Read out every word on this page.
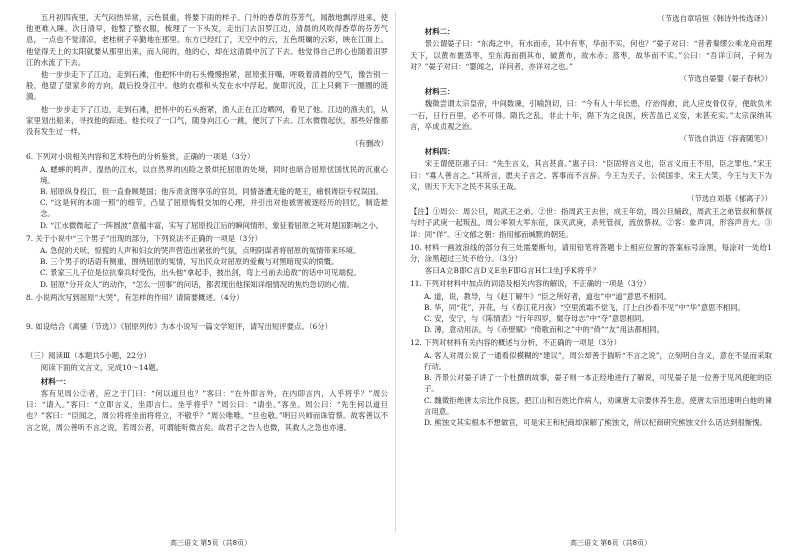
五月初四夜里，天气闷热异常，云色很重，将要下雨的样子。门外的香草的芬芳气，闻散地飘浮进来，使他更难入睡。次日清早，他整了整衣服，梳理了一下头发，走出门去汨罗江边，清晨的风吹得香草的芬芳气息，一点也不觉清凉，老桂树子辛勤地在那里。东方已经红了，天空中的云，五色斑斓的云彩，映在江面上。他觉得天上的太阳就要从那里出来，而人间的，他的心，却在这清晨中沉了下去。他觉得自己的心也随着汨罗江的水流了下去。

他一步步走下了江边，走到石滩，他把怀中的石头慢慢抱紧，屈原张开嘴，呼吸着清晨的空气，像告别一般，他望了望家乡的方向，最后投身江中。他的衣襟和头发在水中浮起，旋即沉没，江上只剩下一圈圈的涟漪。

他一步步走下了江边，走到石滩，把怀中的石头抱紧，渔人正在江边晒网，看见了他。江边的渔夫们，从家里划出船来，寻找他的踪迹。他长叹了一口气，随身向江心一跳，便沉了下去。江水微微起伏，那些好像都没有发生过一样。

（有删改）

6. 下列对小说相关内容和艺术特色的分析鉴赏，正确的一项是（3分）

A. 蟋蟀的鸣声、湿热的江水，以自然界的凶险之景烘托屈原的处境，同时也暗合屈原忧国忧民的沉重心境。

B. 屈原纵身投江，但一直眷顾楚国；他斥责贪图享乐的官员，同情备遭无能的楚王，痛恨谗臣专权误国。

C. “这是何的本面一照”的细节，凸显了屈原悔恨交加的心理，并引出对他被害被逐经历的回忆，制造悬念。

D. “江水微微起了一阵圆波”意蕴丰富，实写了屈原投江后的瞬间情形，象征着屈原之死对楚国影响之小。

7. 关于小说中“三个男子”出现的部分，下列说法不正确的一项是（3分）

A. 急促的犬吠、惊慌的人声和妇女的哭声营造出紧张的气氛，点明阴谋者将屈原的冤情带来环境。

B. 三个男子的话语有侧重，围绕屈原的冤情，写出民众对屈原的爱戴与对黑暗现实的愤慨。

C. 景家三儿子位是位抗秦兵时受伤，出头他“拿起手，披出剑，弯上弓前去追敌”的话中可见端倪。

D. 屈原“分开众人”的动作，“怎么一回事”的问话，都表现出他探知详细情况的焦灼急切的心情。

8. 小说两次写到屈原“大哭”，有怎样的作用？请简要概述。（4分）

9. 如设结合《离骚（节选）》《屈原列传》为本小说写一篇文学短评，请写出短评要点。（6分）

（三）阅读Ⅲ（本题共5小题，22分）

阅读下面的文言文，完成10～14题。

材料一：

客有见周公②者，应之于门曰：“何以道旦也？”客曰：“在外即言外，在内即言内，入乎将乎？”周公曰：“请入。”客曰：“立即言义，坐即言仁。坐乎将乎？”周公曰：“请坐。”客坐。周公曰：“先生何以道旦也？”客曰：“臣闻之，周公将将坐而将将立，不敬乎？”周公唯唯。“旦也敬。”明日兴师而诛管蔡。故客善以不言之说，周公善听不言之说，若周公者，可谓能听微言矣。故君子之告人也微，其救人之急也亦速。

（节选自章培恒《韩诗外传选译》）

材料二：

景公谓晏子曰：“东海之中，有水而赤，其中有枣，华而不实，何也？”晏子对曰：“昔者秦缪公乘龙舟而理天下，以黄布裹蒸枣，至东海而捐其布，破黄布，故水赤；蒸枣，故华而不实。”公曰：“吾详①问，子何为对？”晏子对曰：“婴闻之，详问者，亦详对之也。”

（节选自晏婴《晏子春秋》）

材料三：

魏徵尝谓太宗皇帝，中间数谏，引喻剀切，曰：“今有人十年长患，疗治得愈，此人应皮骨仅存，便欲负米一石，日行百里，必不可得。隋氏之乱，非止十年，陛下为之良医，疾苦虽已义安，未甚充实。”太宗深纳其言，卒成贞观之治。

（节选自洪迈《容斋随笔》）

材料四：

宋王谓使臣惠子曰：“先生言义，其言甚喜。”惠子曰：“臣固将言义也，臣言义而王不用，臣之罪也。”宋王曰：“寡人善言之。”其所言，愿夫子言之。客事而不言辞。今王为天子，公侯国非，宋王大笑，今王与天下为义，则天下天下之民不其乐王哉。

（节选自刘基《郁离子》）

【注】①周公：周公旦，周武王之弟。②世：指周武王去世，成王年幼，周公旦辅政，周武王之弟管叔和蔡叔与纣子武庚一起叛乱，周公率领大军东征，诛灭武庚，杀死管叔，流放蔡叔。②客：象声词，形容声音大。③详：同“佯”。④文郁之朝：指用郁而缄默的朝廷。

10. 材料一画波浪线的部分有三处需要断句，请用铅笔将答题卡上相应位置的答案标号涂黑，每涂对一处给1分，涂黑超过三处不给分。（3分）

客曰A立B即C言D义E坐F即G言H仁I坐J乎K将乎？

11. 下列对材料中加点的词语及相关内容的解说，不正确的一项是（3分）

A. 道，说，教导，与《赵丁解牛》“臣之所好者，道也”中“道”意思不相同。

B. 华，同“花”，开花，与《春江花月夜》“空里流霜不觉飞，汀上白沙看不见”中“华”意思不相同。

C. 安，安宁，与《陈情表》“行年四岁，舅夺母志”中“夺”意思相同。

D. 薄，意动用法，与《赤壁赋》“倚歌而和之”中的“倚”“友”用法都相同。

12. 下列对材料有关内容的概述与分析，不正确的一项是（3分）

A. 客人对周公说了一通看似模糊的“建议”，周公却善于揣听“不言之说”，立刻明白含义，意在不显而采取行动。

B. 齐景公对晏子讲了一个杜撰的故事，晏子则一本正经地进行了解说，可见晏子是一位善于见风使舵的臣子。

C. 魏徵拒绝唐太宗比作良医，把江山和百姓比作病人，劝谏唐太宗要休养生息，使唐太宗迅速明白他的谏言用意。

D. 熊蚀文其实根本不想做官，可是宋王和杞商却深解了熊蚀文，所以杞商研究熊蚀文什么话达到很惭愧。

高三语文 第5页（共8页）	高三语文 第6页（共8页）
